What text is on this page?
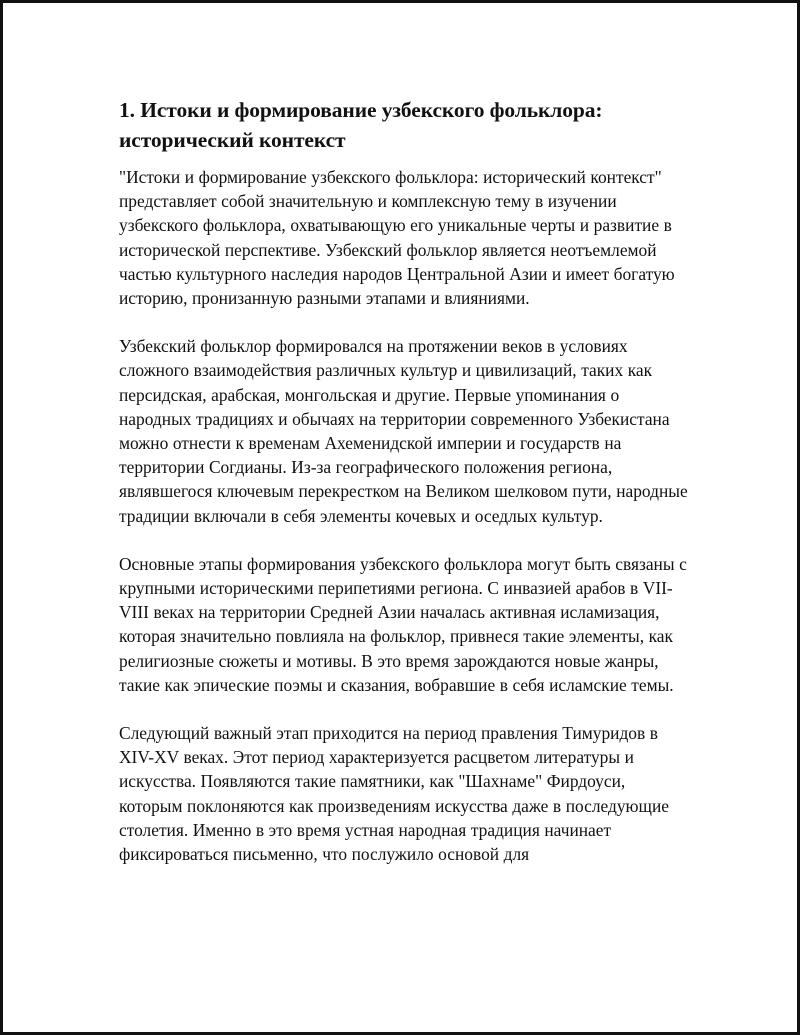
1. Истоки и формирование узбекского фольклора: исторический контекст

"Истоки и формирование узбекского фольклора: исторический контекст" представляет собой значительную и комплексную тему в изучении узбекского фольклора, охватывающую его уникальные черты и развитие в исторической перспективе. Узбекский фольклор является неотъемлемой частью культурного наследия народов Центральной Азии и имеет богатую историю, пронизанную разными этапами и влияниями.

Узбекский фольклор формировался на протяжении веков в условиях сложного взаимодействия различных культур и цивилизаций, таких как персидская, арабская, монгольская и другие. Первые упоминания о народных традициях и обычаях на территории современного Узбекистана можно отнести к временам Ахеменидской империи и государств на территории Согдианы. Из-за географического положения региона, являвшегося ключевым перекрестком на Великом шелковом пути, народные традиции включали в себя элементы кочевых и оседлых культур.

Основные этапы формирования узбекского фольклора могут быть связаны с крупными историческими перипетиями региона. С инвазией арабов в VII-VIII веках на территории Средней Азии началась активная исламизация, которая значительно повлияла на фольклор, привнеся такие элементы, как религиозные сюжеты и мотивы. В это время зарождаются новые жанры, такие как эпические поэмы и сказания, вобравшие в себя исламские темы.

Следующий важный этап приходится на период правления Тимуридов в XIV-XV веках. Этот период характеризуется расцветом литературы и искусства. Появляются такие памятники, как "Шахнаме" Фирдоуси, которым поклоняются как произведениям искусства даже в последующие столетия. Именно в это время устная народная традиция начинает фиксироваться письменно, что послужило основой для
